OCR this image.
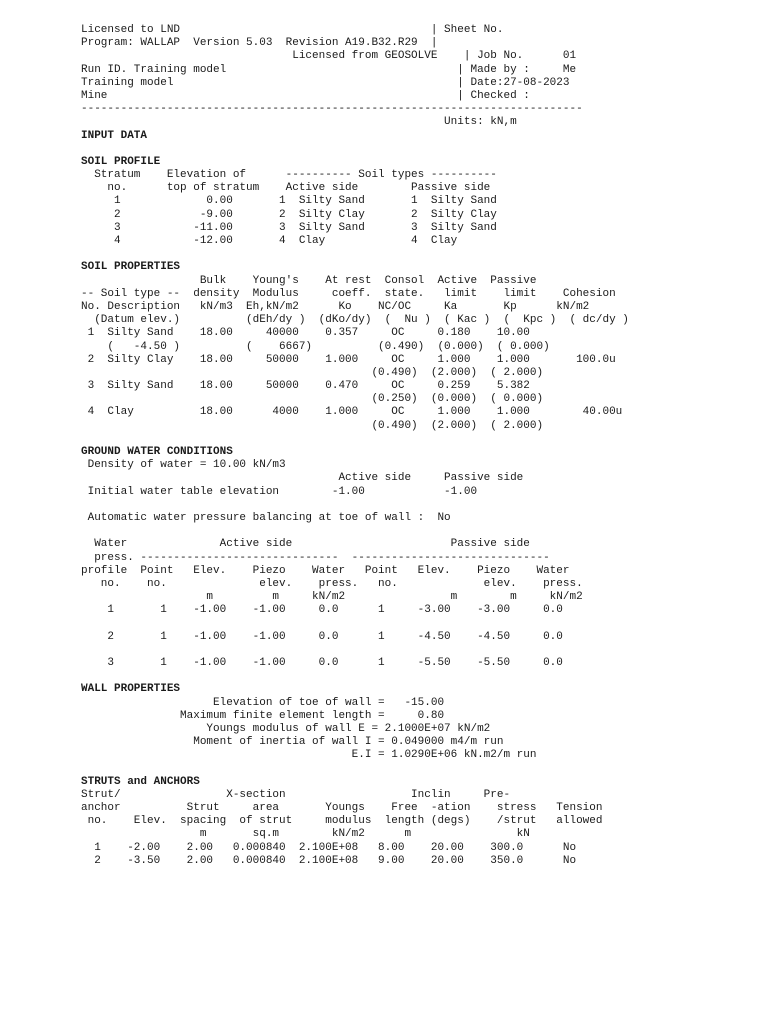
Licensed to LND                                      | Sheet No.
Program: WALLAP  Version 5.03  Revision A19.B32.R29  |
Licensed from GEOSOLVE    | Job No.      01
Run ID. Training model                                   | Made by :     Me
Training model                                           | Date:27-08-2023
Mine                                                     | Checked :
----------------------------------------------------------------------------
Units: kN,m
INPUT DATA
SOIL PROFILE
Stratum    Elevation of      ---------- Soil types ----------
no.      top of stratum    Active side        Passive side
1             0.00       1  Silty Sand       1  Silty Sand
2            -9.00       2  Silty Clay       2  Silty Clay
3           -11.00       3  Silty Sand       3  Silty Sand
4           -12.00       4  Clay             4  Clay
SOIL PROPERTIES
Bulk    Young's    At rest  Consol  Active  Passive
-- Soil type --  density  Modulus     coeff.  state.   limit    limit    Cohesion
No. Description   kN/m3  Eh,kN/m2      Ko    NC/OC     Ka       Kp      kN/m2
(Datum elev.)          (dEh/dy )  (dKo/dy)  (  Nu )  ( Kac )  (  Kpc )  ( dc/dy )
1  Silty Sand    18.00     40000    0.357     OC     0.180    10.00
(   -4.50 )          (    6667)          (0.490)  (0.000)  ( 0.000)
2  Silty Clay    18.00     50000    1.000     OC     1.000    1.000       100.0u
(0.490)  (2.000)  ( 2.000)
3  Silty Sand    18.00     50000    0.470     OC     0.259    5.382
(0.250)  (0.000)  ( 0.000)
4  Clay          18.00      4000    1.000     OC     1.000    1.000        40.00u
(0.490)  (2.000)  ( 2.000)
GROUND WATER CONDITIONS
Density of water = 10.00 kN/m3
Active side     Passive side
Initial water table elevation        -1.00            -1.00
Automatic water pressure balancing at toe of wall :  No
Water              Active side                        Passive side
press. ------------------------------  ------------------------------
profile  Point   Elev.    Piezo    Water   Point   Elev.    Piezo    Water
no.    no.              elev.    press.   no.             elev.    press.
m         m     kN/m2                m        m     kN/m2
1       1    -1.00    -1.00     0.0      1     -3.00    -3.00     0.0
2       1    -1.00    -1.00     0.0      1     -4.50    -4.50     0.0
3       1    -1.00    -1.00     0.0      1     -5.50    -5.50     0.0
WALL PROPERTIES
Elevation of toe of wall =   -15.00
Maximum finite element length =     0.80
Youngs modulus of wall E = 2.1000E+07 kN/m2
Moment of inertia of wall I = 0.049000 m4/m run
E.I = 1.0290E+06 kN.m2/m run
STRUTS and ANCHORS
Strut/                X-section                   Inclin     Pre-
anchor          Strut     area       Youngs    Free  -ation    stress   Tension
no.    Elev.  spacing  of strut     modulus  length (degs)    /strut   allowed
m       sq.m        kN/m2      m                kN
1    -2.00    2.00   0.000840  2.100E+08   8.00    20.00    300.0      No
2    -3.50    2.00   0.000840  2.100E+08   9.00    20.00    350.0      No
